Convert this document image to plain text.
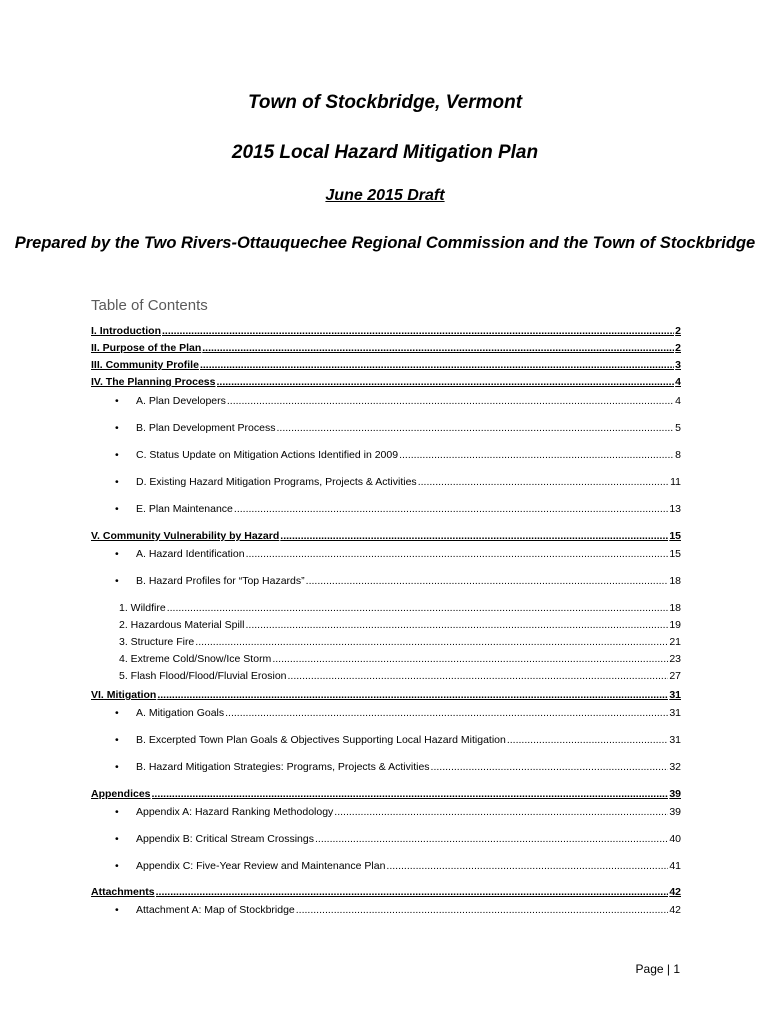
Town of Stockbridge, Vermont
2015 Local Hazard Mitigation Plan
June 2015 Draft
Prepared by the Two Rivers-Ottauquechee Regional Commission and the Town of Stockbridge
Table of Contents
I. Introduction .....	2
II. Purpose of the Plan .....	2
III. Community Profile .....	3
IV. The Planning Process .....	4
•	A. Plan Developers .....	4
•	B. Plan Development Process .....	5
•	C. Status Update on Mitigation Actions Identified in 2009 .....	8
•	D. Existing Hazard Mitigation Programs, Projects & Activities .....	11
•	E. Plan Maintenance .....	13
V. Community Vulnerability by Hazard .....	15
•	A. Hazard Identification .....	15
•	B. Hazard Profiles for “Top Hazards” .....	18
1. Wildfire .....	18
2. Hazardous Material Spill .....	19
3. Structure Fire .....	21
4. Extreme Cold/Snow/Ice Storm .....	23
5. Flash Flood/Flood/Fluvial Erosion .....	27
VI. Mitigation .....	31
•	A. Mitigation Goals .....	31
•	B. Excerpted Town Plan Goals & Objectives Supporting Local Hazard Mitigation .....	31
•	B. Hazard Mitigation Strategies: Programs, Projects & Activities .....	32
Appendices .....	39
•	Appendix A: Hazard Ranking Methodology .....	39
•	Appendix B: Critical Stream Crossings .....	40
•	Appendix C: Five-Year Review and Maintenance Plan .....	41
Attachments .....	42
•	Attachment A: Map of Stockbridge .....	42
Page | 1
